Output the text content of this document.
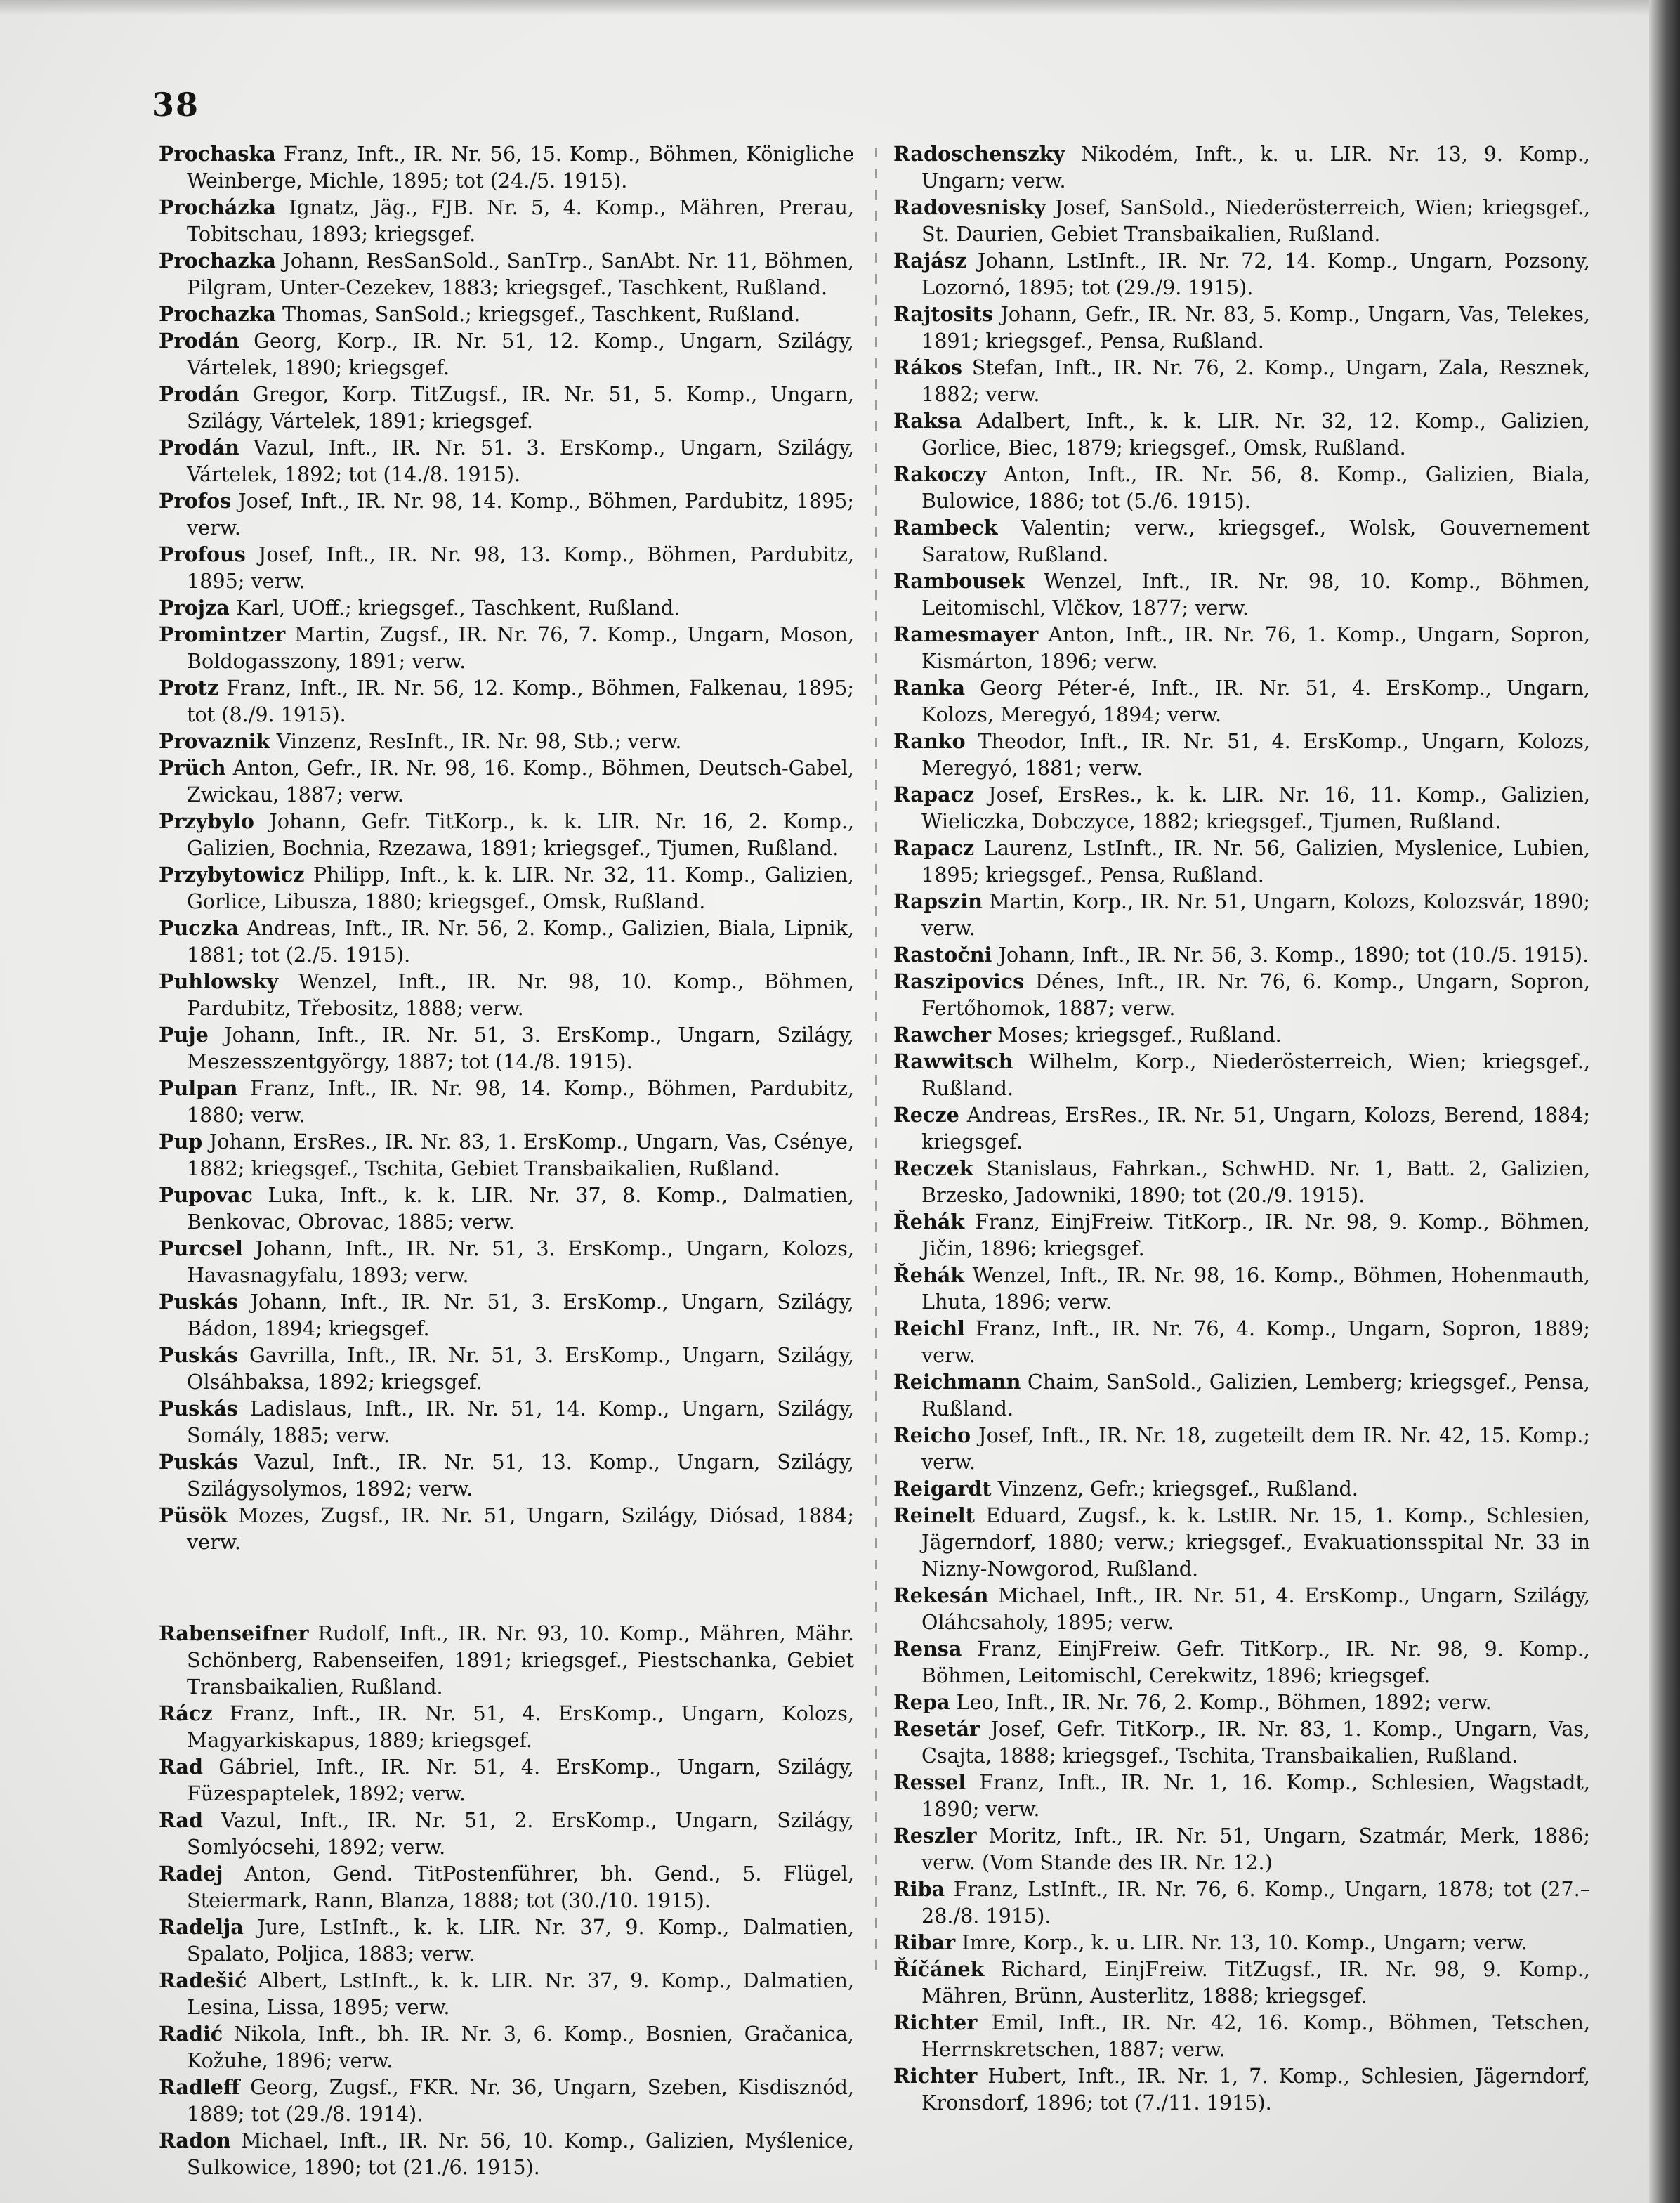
38

Prochaska Franz, Inft., IR. Nr. 56, 15. Komp., Böhmen, Königliche Weinberge, Michle, 1895; tot (24./5. 1915).

Procházka Ignatz, Jäg., FJB. Nr. 5, 4. Komp., Mähren, Prerau, Tobitschau, 1893; kriegsgef.

Prochazka Johann, ResSanSold., SanTrp., SanAbt. Nr. 11, Böhmen, Pilgram, Unter-Cezekev, 1883; kriegsgef., Taschkent, Rußland.

Prochazka Thomas, SanSold.; kriegsgef., Taschkent, Rußland.

Prodán Georg, Korp., IR. Nr. 51, 12. Komp., Ungarn, Szilágy, Vártelek, 1890; kriegsgef.

Prodán Gregor, Korp. TitZugsf., IR. Nr. 51, 5. Komp., Ungarn, Szilágy, Vártelek, 1891; kriegsgef.

Prodán Vazul, Inft., IR. Nr. 51. 3. ErsKomp., Ungarn, Szilágy, Vártelek, 1892; tot (14./8. 1915).

Profos Josef, Inft., IR. Nr. 98, 14. Komp., Böhmen, Pardubitz, 1895; verw.

Profous Josef, Inft., IR. Nr. 98, 13. Komp., Böhmen, Pardubitz, 1895; verw.

Projza Karl, UOff.; kriegsgef., Taschkent, Rußland.

Promintzer Martin, Zugsf., IR. Nr. 76, 7. Komp., Ungarn, Moson, Boldogasszony, 1891; verw.

Protz Franz, Inft., IR. Nr. 56, 12. Komp., Böhmen, Falkenau, 1895; tot (8./9. 1915).

Provaznik Vinzenz, ResInft., IR. Nr. 98, Stb.; verw.

Prüch Anton, Gefr., IR. Nr. 98, 16. Komp., Böhmen, Deutsch-Gabel, Zwickau, 1887; verw.

Przybylo Johann, Gefr. TitKorp., k. k. LIR. Nr. 16, 2. Komp., Galizien, Bochnia, Rzezawa, 1891; kriegsgef., Tjumen, Rußland.

Przybytowicz Philipp, Inft., k. k. LIR. Nr. 32, 11. Komp., Galizien, Gorlice, Libusza, 1880; kriegsgef., Omsk, Rußland.

Puczka Andreas, Inft., IR. Nr. 56, 2. Komp., Galizien, Biala, Lipnik, 1881; tot (2./5. 1915).

Puhlowsky Wenzel, Inft., IR. Nr. 98, 10. Komp., Böhmen, Pardubitz, Třebositz, 1888; verw.

Puje Johann, Inft., IR. Nr. 51, 3. ErsKomp., Ungarn, Szilágy, Meszesszentgyörgy, 1887; tot (14./8. 1915).

Pulpan Franz, Inft., IR. Nr. 98, 14. Komp., Böhmen, Pardubitz, 1880; verw.

Pup Johann, ErsRes., IR. Nr. 83, 1. ErsKomp., Ungarn, Vas, Csénye, 1882; kriegsgef., Tschita, Gebiet Transbaikalien, Rußland.

Pupovac Luka, Inft., k. k. LIR. Nr. 37, 8. Komp., Dalmatien, Benkovac, Obrovac, 1885; verw.

Purcsel Johann, Inft., IR. Nr. 51, 3. ErsKomp., Ungarn, Kolozs, Havasnagyfalu, 1893; verw.

Puskás Johann, Inft., IR. Nr. 51, 3. ErsKomp., Ungarn, Szilágy, Bádon, 1894; kriegsgef.

Puskás Gavrilla, Inft., IR. Nr. 51, 3. ErsKomp., Ungarn, Szilágy, Olsáhbaksa, 1892; kriegsgef.

Puskás Ladislaus, Inft., IR. Nr. 51, 14. Komp., Ungarn, Szilágy, Somály, 1885; verw.

Puskás Vazul, Inft., IR. Nr. 51, 13. Komp., Ungarn, Szilágy, Szilágysolymos, 1892; verw.

Püsök Mozes, Zugsf., IR. Nr. 51, Ungarn, Szilágy, Diósad, 1884; verw.

Rabenseifner Rudolf, Inft., IR. Nr. 93, 10. Komp., Mähren, Mähr. Schönberg, Rabenseifen, 1891; kriegsgef., Piestschanka, Gebiet Transbaikalien, Rußland.

Rácz Franz, Inft., IR. Nr. 51, 4. ErsKomp., Ungarn, Kolozs, Magyarkiskapus, 1889; kriegsgef.

Rad Gábriel, Inft., IR. Nr. 51, 4. ErsKomp., Ungarn, Szilágy, Füzespaptelek, 1892; verw.

Rad Vazul, Inft., IR. Nr. 51, 2. ErsKomp., Ungarn, Szilágy, Somlyócsehi, 1892; verw.

Radej Anton, Gend. TitPostenführer, bh. Gend., 5. Flügel, Steiermark, Rann, Blanza, 1888; tot (30./10. 1915).

Radelja Jure, LstInft., k. k. LIR. Nr. 37, 9. Komp., Dalmatien, Spalato, Poljica, 1883; verw.

Radešić Albert, LstInft., k. k. LIR. Nr. 37, 9. Komp., Dalmatien, Lesina, Lissa, 1895; verw.

Radić Nikola, Inft., bh. IR. Nr. 3, 6. Komp., Bosnien, Gračanica, Kožuhe, 1896; verw.

Radleff Georg, Zugsf., FKR. Nr. 36, Ungarn, Szeben, Kisdisznód, 1889; tot (29./8. 1914).

Radon Michael, Inft., IR. Nr. 56, 10. Komp., Galizien, Myślenice, Sulkowice, 1890; tot (21./6. 1915).

Radoschenszky Nikodém, Inft., k. u. LIR. Nr. 13, 9. Komp., Ungarn; verw.

Radovesnisky Josef, SanSold., Niederösterreich, Wien; kriegsgef., St. Daurien, Gebiet Transbaikalien, Rußland.

Rajász Johann, LstInft., IR. Nr. 72, 14. Komp., Ungarn, Pozsony, Lozornó, 1895; tot (29./9. 1915).

Rajtosits Johann, Gefr., IR. Nr. 83, 5. Komp., Ungarn, Vas, Telekes, 1891; kriegsgef., Pensa, Rußland.

Rákos Stefan, Inft., IR. Nr. 76, 2. Komp., Ungarn, Zala, Resznek, 1882; verw.

Raksa Adalbert, Inft., k. k. LIR. Nr. 32, 12. Komp., Galizien, Gorlice, Biec, 1879; kriegsgef., Omsk, Rußland.

Rakoczy Anton, Inft., IR. Nr. 56, 8. Komp., Galizien, Biala, Bulowice, 1886; tot (5./6. 1915).

Rambeck Valentin; verw., kriegsgef., Wolsk, Gouvernement Saratow, Rußland.

Rambousek Wenzel, Inft., IR. Nr. 98, 10. Komp., Böhmen, Leitomischl, Vlčkov, 1877; verw.

Ramesmayer Anton, Inft., IR. Nr. 76, 1. Komp., Ungarn, Sopron, Kismárton, 1896; verw.

Ranka Georg Péter-é, Inft., IR. Nr. 51, 4. ErsKomp., Ungarn, Kolozs, Meregyó, 1894; verw.

Ranko Theodor, Inft., IR. Nr. 51, 4. ErsKomp., Ungarn, Kolozs, Meregyó, 1881; verw.

Rapacz Josef, ErsRes., k. k. LIR. Nr. 16, 11. Komp., Galizien, Wieliczka, Dobczyce, 1882; kriegsgef., Tjumen, Rußland.

Rapacz Laurenz, LstInft., IR. Nr. 56, Galizien, Myslenice, Lubien, 1895; kriegsgef., Pensa, Rußland.

Rapszin Martin, Korp., IR. Nr. 51, Ungarn, Kolozs, Kolozsvár, 1890; verw.

Rastočni Johann, Inft., IR. Nr. 56, 3. Komp., 1890; tot (10./5. 1915).

Raszipovics Dénes, Inft., IR. Nr. 76, 6. Komp., Ungarn, Sopron, Fertőhomok, 1887; verw.

Rawcher Moses; kriegsgef., Rußland.

Rawwitsch Wilhelm, Korp., Niederösterreich, Wien; kriegsgef., Rußland.

Recze Andreas, ErsRes., IR. Nr. 51, Ungarn, Kolozs, Berend, 1884; kriegsgef.

Reczek Stanislaus, Fahrkan., SchwHD. Nr. 1, Batt. 2, Galizien, Brzesko, Jadowniki, 1890; tot (20./9. 1915).

Řehák Franz, EinjFreiw. TitKorp., IR. Nr. 98, 9. Komp., Böhmen, Jičin, 1896; kriegsgef.

Řehák Wenzel, Inft., IR. Nr. 98, 16. Komp., Böhmen, Hohenmauth, Lhuta, 1896; verw.

Reichl Franz, Inft., IR. Nr. 76, 4. Komp., Ungarn, Sopron, 1889; verw.

Reichmann Chaim, SanSold., Galizien, Lemberg; kriegsgef., Pensa, Rußland.

Reicho Josef, Inft., IR. Nr. 18, zugeteilt dem IR. Nr. 42, 15. Komp.; verw.

Reigardt Vinzenz, Gefr.; kriegsgef., Rußland.

Reinelt Eduard, Zugsf., k. k. LstIR. Nr. 15, 1. Komp., Schlesien, Jägerndorf, 1880; verw.; kriegsgef., Evakuationsspital Nr. 33 in Nizny-Nowgorod, Rußland.

Rekesán Michael, Inft., IR. Nr. 51, 4. ErsKomp., Ungarn, Szilágy, Oláhcsaholy, 1895; verw.

Rensa Franz, EinjFreiw. Gefr. TitKorp., IR. Nr. 98, 9. Komp., Böhmen, Leitomischl, Cerekwitz, 1896; kriegsgef.

Repa Leo, Inft., IR. Nr. 76, 2. Komp., Böhmen, 1892; verw.

Resetár Josef, Gefr. TitKorp., IR. Nr. 83, 1. Komp., Ungarn, Vas, Csajta, 1888; kriegsgef., Tschita, Transbaikalien, Rußland.

Ressel Franz, Inft., IR. Nr. 1, 16. Komp., Schlesien, Wagstadt, 1890; verw.

Reszler Moritz, Inft., IR. Nr. 51, Ungarn, Szatmár, Merk, 1886; verw. (Vom Stande des IR. Nr. 12.)

Riba Franz, LstInft., IR. Nr. 76, 6. Komp., Ungarn, 1878; tot (27.–28./8. 1915).

Ribar Imre, Korp., k. u. LIR. Nr. 13, 10. Komp., Ungarn; verw.

Říčánek Richard, EinjFreiw. TitZugsf., IR. Nr. 98, 9. Komp., Mähren, Brünn, Austerlitz, 1888; kriegsgef.

Richter Emil, Inft., IR. Nr. 42, 16. Komp., Böhmen, Tetschen, Herrnskretschen, 1887; verw.

Richter Hubert, Inft., IR. Nr. 1, 7. Komp., Schlesien, Jägerndorf, Kronsdorf, 1896; tot (7./11. 1915).
